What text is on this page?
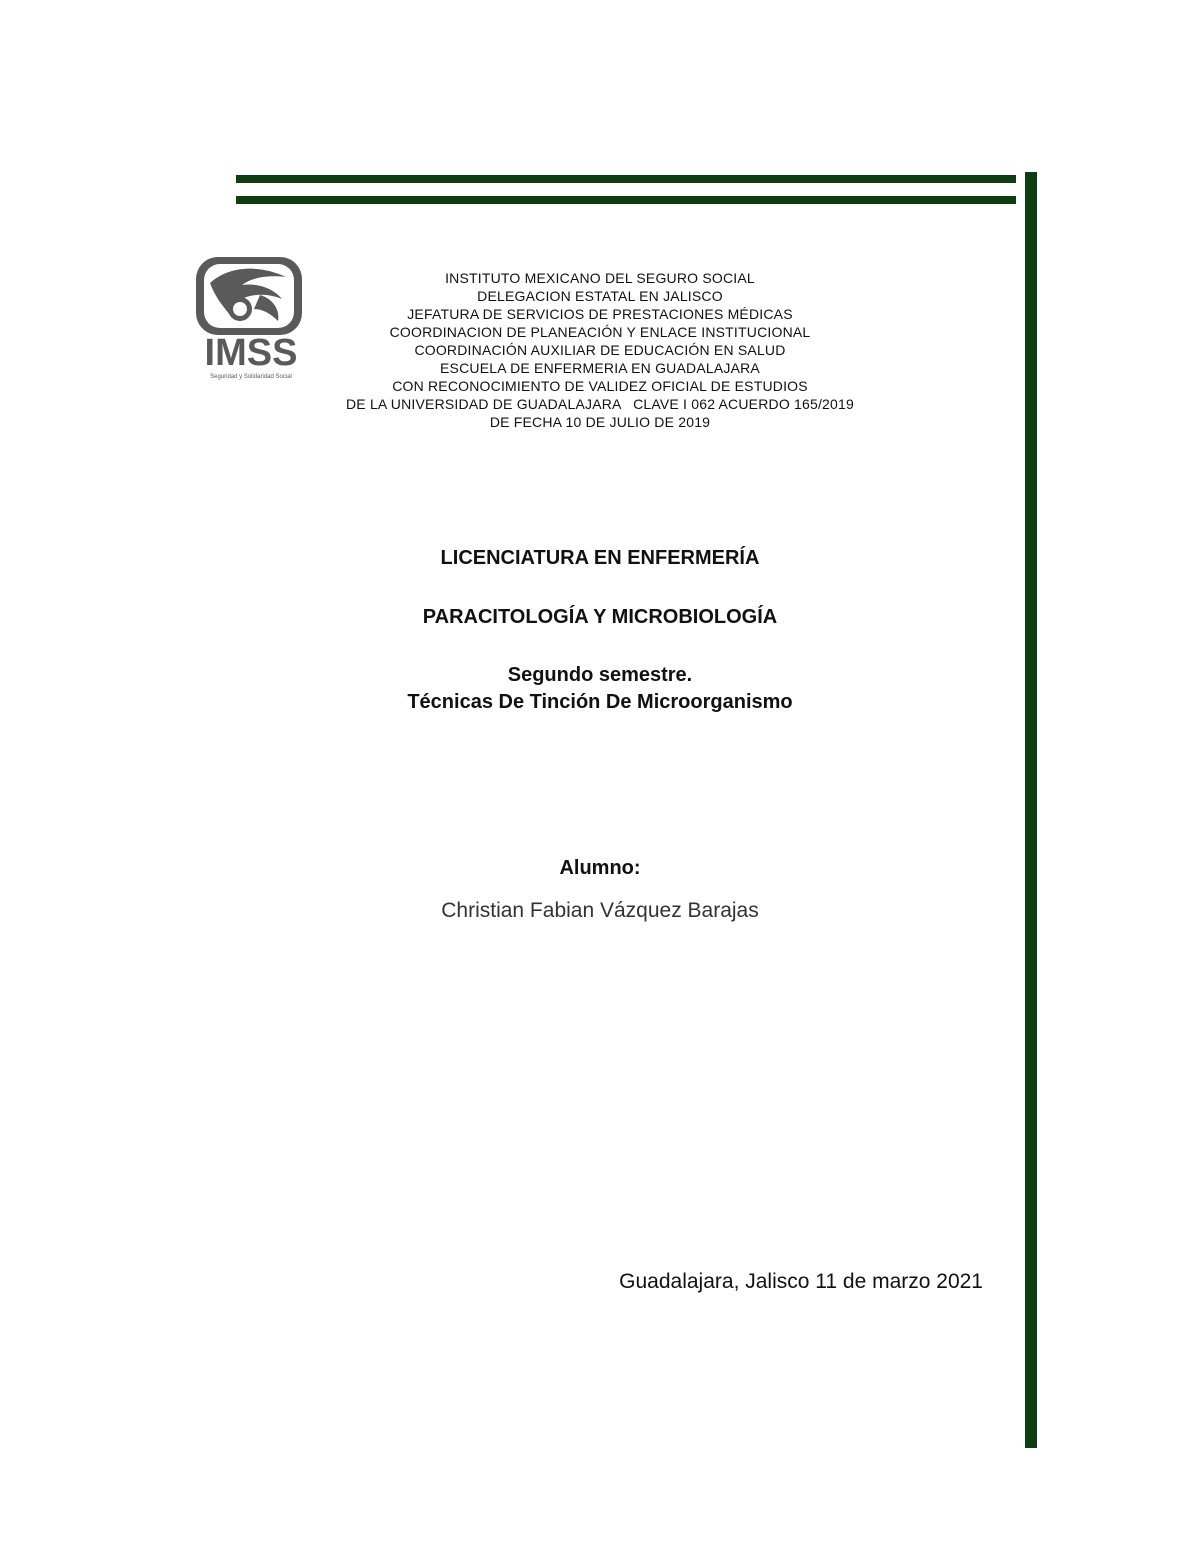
IMSS
Seguridad y Solidaridad Social
INSTITUTO MEXICANO DEL SEGURO SOCIAL
DELEGACION ESTATAL EN JALISCO
JEFATURA DE SERVICIOS DE PRESTACIONES MÉDICAS
COORDINACION DE PLANEACIÓN Y ENLACE INSTITUCIONAL
COORDINACIÓN AUXILIAR DE EDUCACIÓN EN SALUD
ESCUELA DE ENFERMERIA EN GUADALAJARA
CON RECONOCIMIENTO DE VALIDEZ OFICIAL DE ESTUDIOS
DE LA UNIVERSIDAD DE GUADALAJARA   CLAVE I 062 ACUERDO 165/2019
DE FECHA 10 DE JULIO DE 2019
LICENCIATURA EN ENFERMERÍA
PARACITOLOGÍA Y MICROBIOLOGÍA
Segundo semestre.
Técnicas De Tinción De Microorganismo
Alumno:
Christian Fabian Vázquez Barajas
Guadalajara, Jalisco 11 de marzo 2021
